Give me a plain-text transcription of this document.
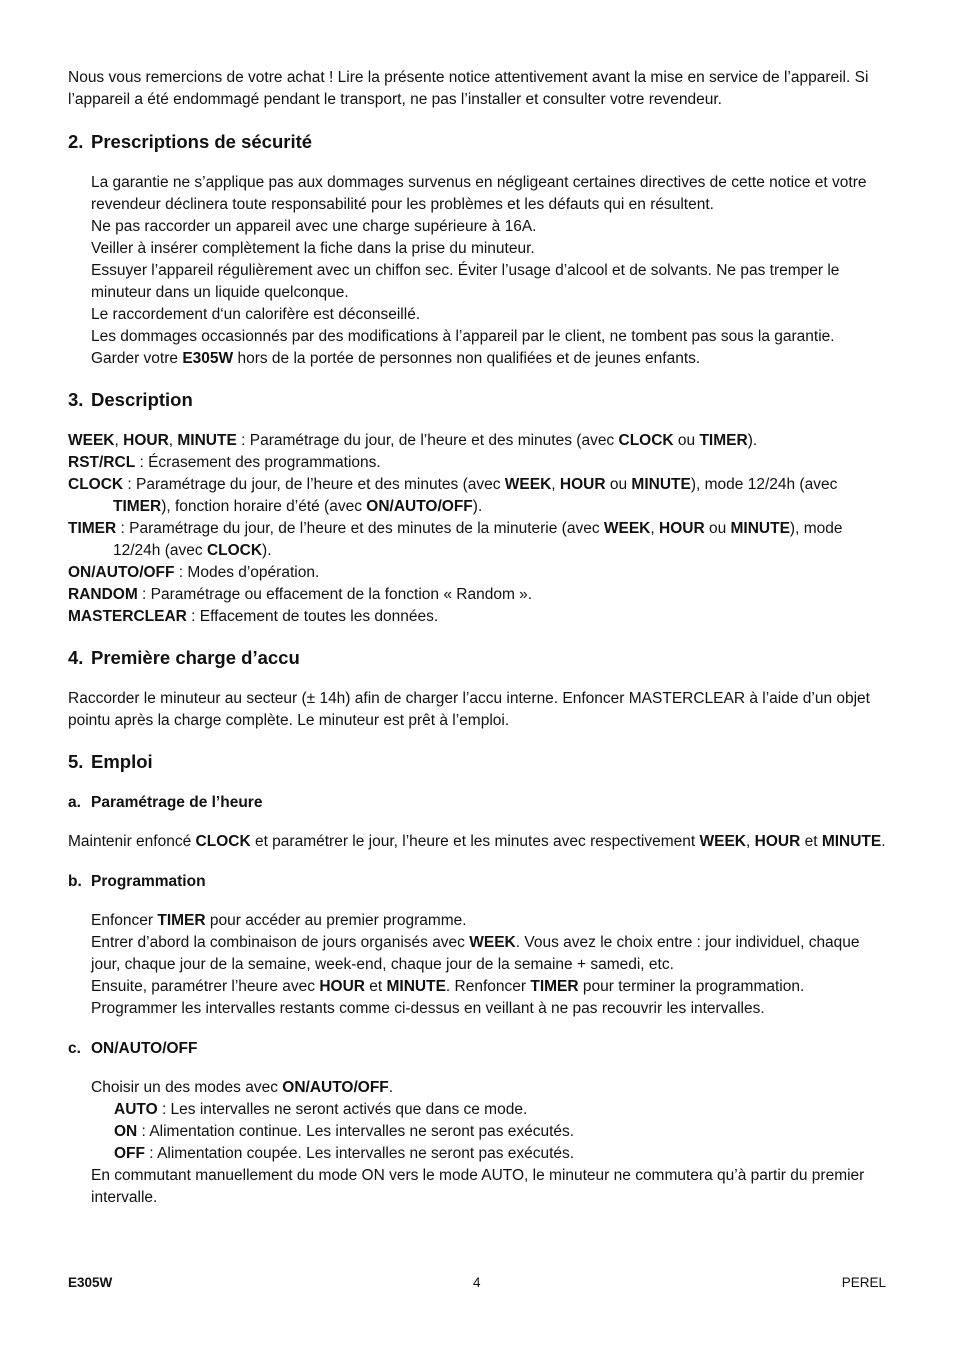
Nous vous remercions de votre achat ! Lire la présente notice attentivement avant la mise en service de l’appareil. Si l’appareil a été endommagé pendant le transport, ne pas l’installer et consulter votre revendeur.

2. Prescriptions de sécurité

La garantie ne s’applique pas aux dommages survenus en négligeant certaines directives de cette notice et votre revendeur déclinera toute responsabilité pour les problèmes et les défauts qui en résultent.

Ne pas raccorder un appareil avec une charge supérieure à 16A.

Veiller à insérer complètement la fiche dans la prise du minuteur.

Essuyer l’appareil régulièrement avec un chiffon sec. Éviter l’usage d’alcool et de solvants. Ne pas tremper le minuteur dans un liquide quelconque.

Le raccordement d‘un calorifère est déconseillé.

Les dommages occasionnés par des modifications à l’appareil par le client, ne tombent pas sous la garantie.

Garder votre E305W hors de la portée de personnes non qualifiées et de jeunes enfants.

3. Description

WEEK, HOUR, MINUTE : Paramétrage du jour, de l’heure et des minutes (avec CLOCK ou TIMER).

RST/RCL : Écrasement des programmations.

CLOCK : Paramétrage du jour, de l’heure et des minutes (avec WEEK, HOUR ou MINUTE), mode 12/24h (avec TIMER), fonction horaire d’été (avec ON/AUTO/OFF).

TIMER : Paramétrage du jour, de l’heure et des minutes de la minuterie (avec WEEK, HOUR ou MINUTE), mode 12/24h (avec CLOCK).

ON/AUTO/OFF : Modes d’opération.

RANDOM : Paramétrage ou effacement de la fonction « Random ».

MASTERCLEAR : Effacement de toutes les données.

4. Première charge d’accu

Raccorder le minuteur au secteur (± 14h) afin de charger l’accu interne. Enfoncer MASTERCLEAR à l’aide d’un objet pointu après la charge complète. Le minuteur est prêt à l’emploi.

5. Emploi
a. Paramétrage de l’heure

Maintenir enfoncé CLOCK et paramétrer le jour, l’heure et les minutes avec respectivement WEEK, HOUR et MINUTE.

b. Programmation

Enfoncer TIMER pour accéder au premier programme.

Entrer d’abord la combinaison de jours organisés avec WEEK. Vous avez le choix entre : jour individuel, chaque jour, chaque jour de la semaine, week-end, chaque jour de la semaine + samedi, etc.

Ensuite, paramétrer l’heure avec HOUR et MINUTE. Renfoncer TIMER pour terminer la programmation.

Programmer les intervalles restants comme ci-dessus en veillant à ne pas recouvrir les intervalles.

c. ON/AUTO/OFF

Choisir un des modes avec ON/AUTO/OFF.

AUTO : Les intervalles ne seront activés que dans ce mode.

ON : Alimentation continue. Les intervalles ne seront pas exécutés.

OFF : Alimentation coupée. Les intervalles ne seront pas exécutés.

En commutant manuellement du mode ON vers le mode AUTO, le minuteur ne commutera qu’à partir du premier intervalle.

E305W	4	PEREL
